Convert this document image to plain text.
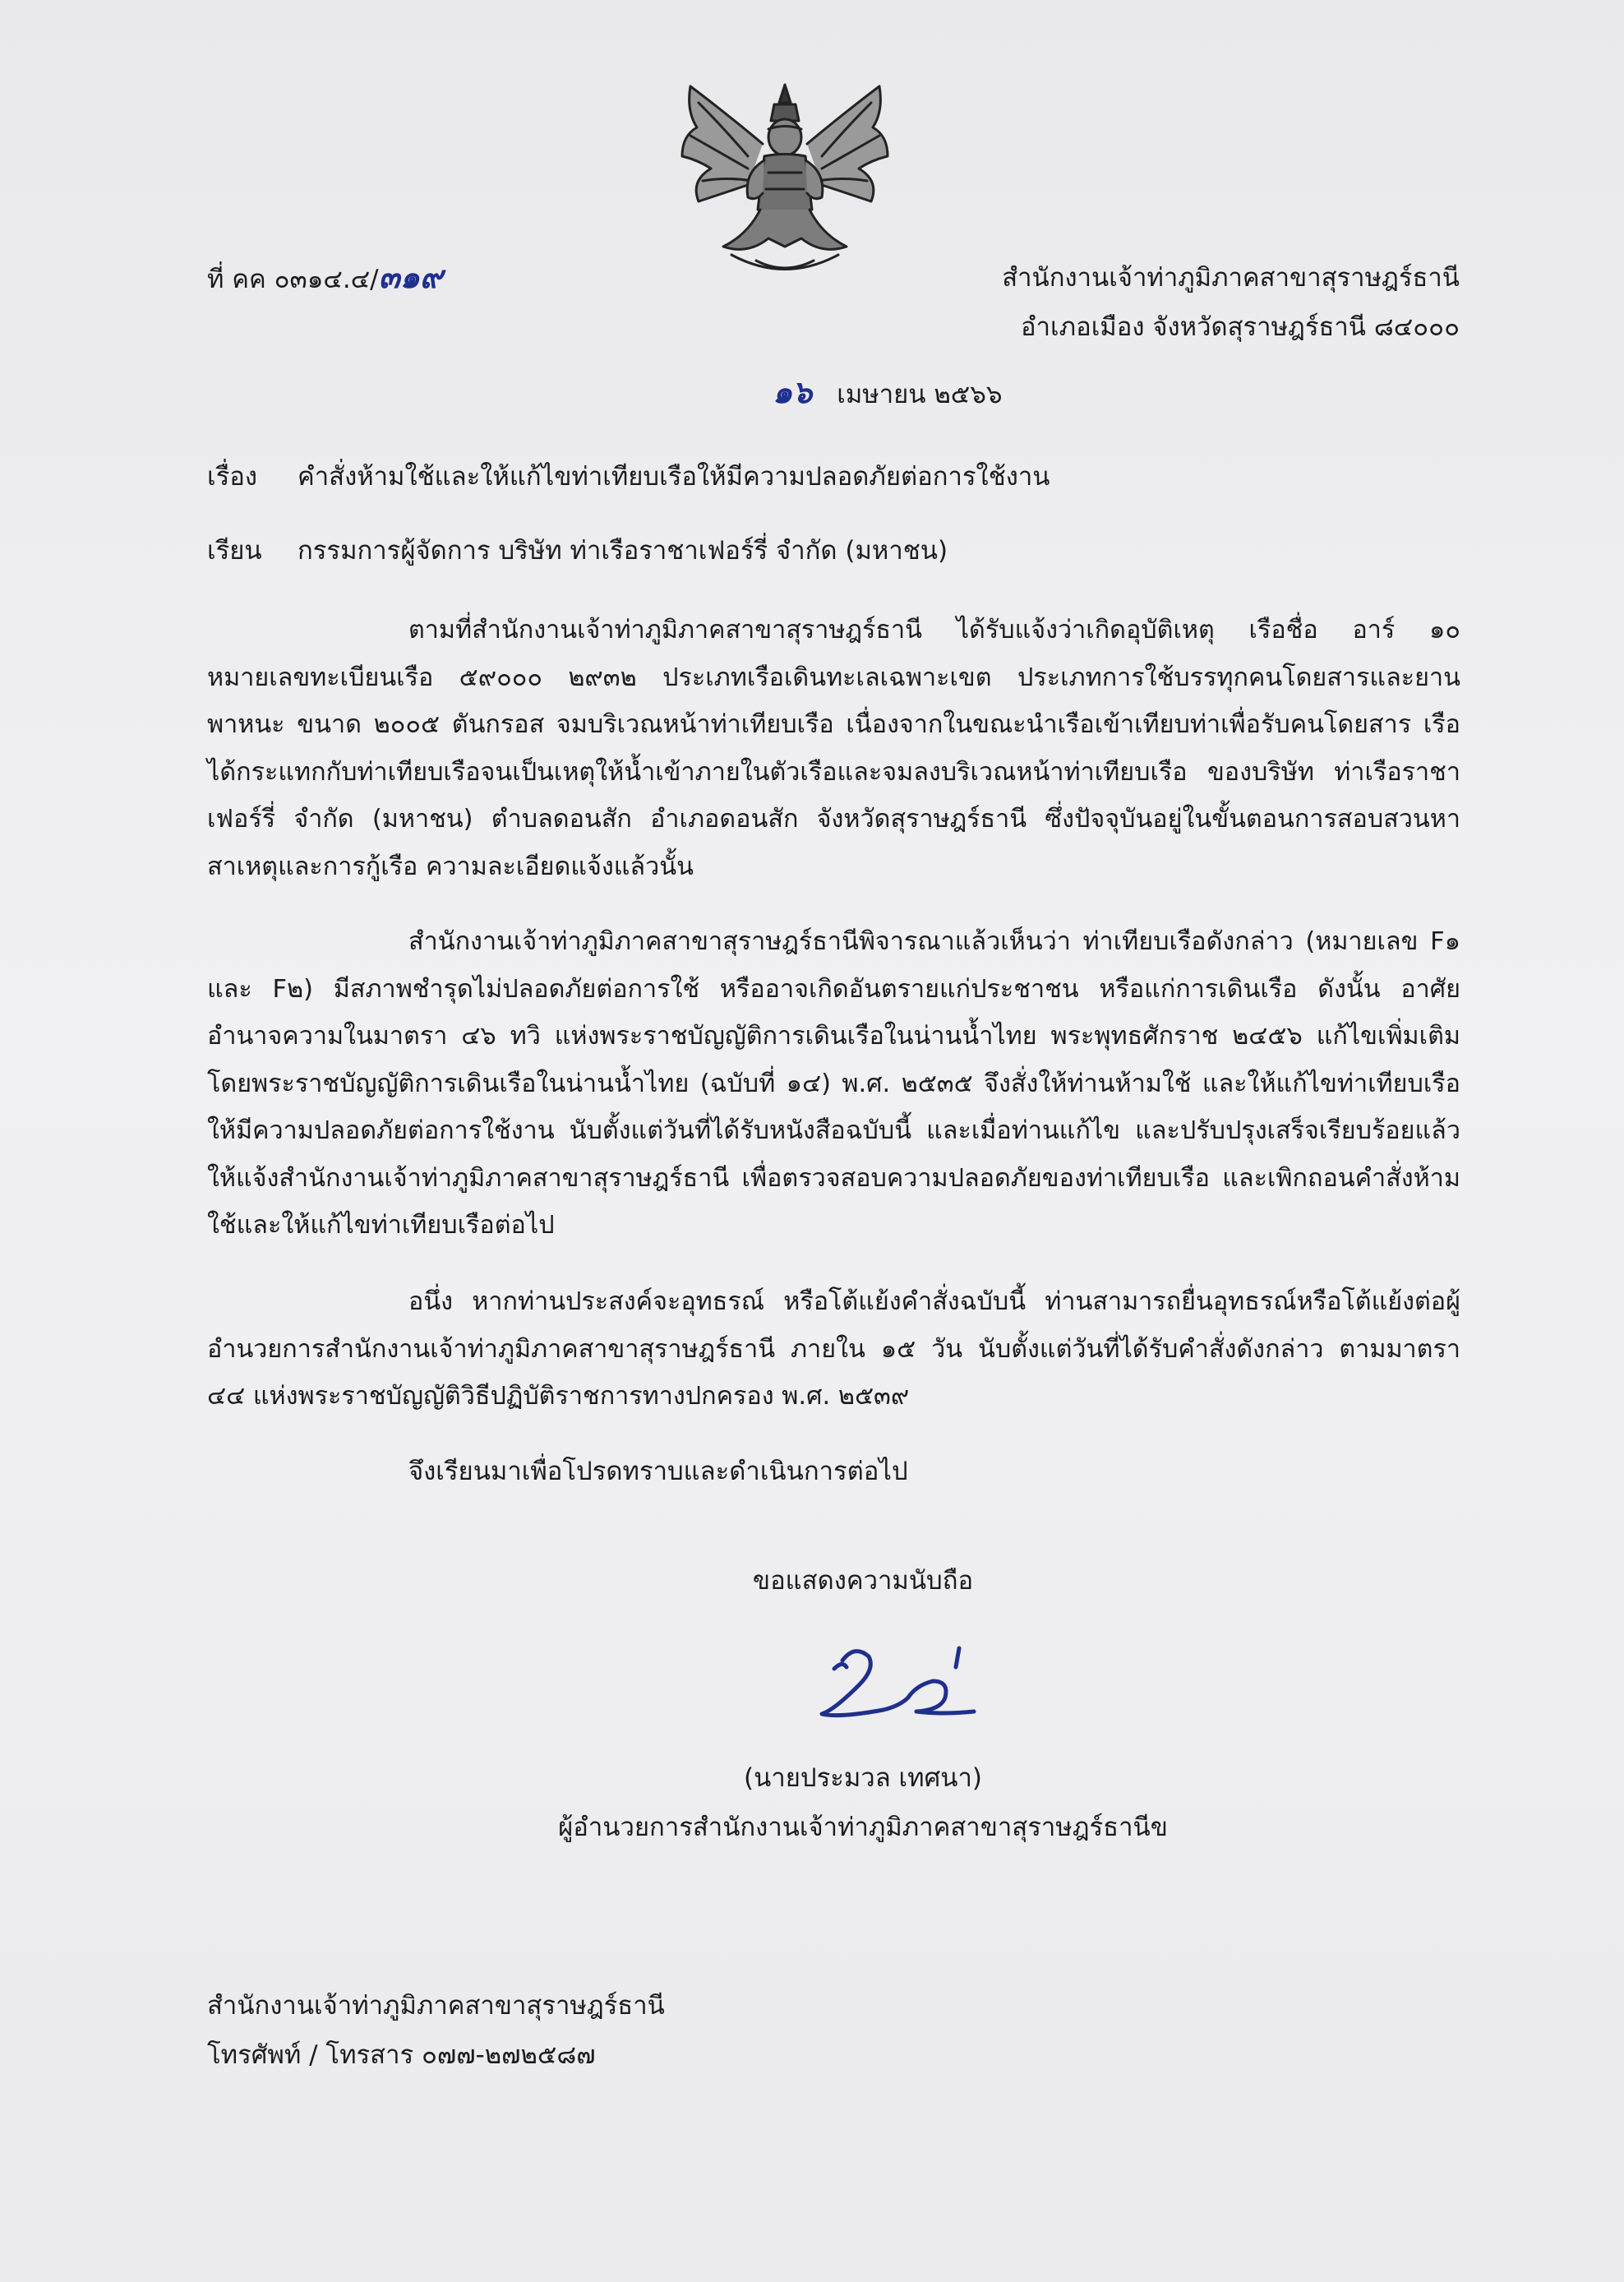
ที่ คค ๐๓๑๔.๔/๓๑๙	สำนักงานเจ้าท่าภูมิภาคสาขาสุราษฎร์ธานี
อำเภอเมือง จังหวัดสุราษฎร์ธานี ๘๔๐๐๐

๑๖ เมษายน ๒๕๖๖

เรื่อง คำสั่งห้ามใช้และให้แก้ไขท่าเทียบเรือให้มีความปลอดภัยต่อการใช้งาน

เรียน กรรมการผู้จัดการ บริษัท ท่าเรือราชาเฟอร์รี่ จำกัด (มหาชน)

ตามที่สำนักงานเจ้าท่าภูมิภาคสาขาสุราษฎร์ธานี ได้รับแจ้งว่าเกิดอุบัติเหตุ เรือชื่อ อาร์ ๑๐ หมายเลขทะเบียนเรือ ๕๙๐๐๐ ๒๙๓๒ ประเภทเรือเดินทะเลเฉพาะเขต ประเภทการใช้บรรทุกคนโดยสารและยานพาหนะ ขนาด ๒๐๐๕ ตันกรอส จมบริเวณหน้าท่าเทียบเรือ เนื่องจากในขณะนำเรือเข้าเทียบท่าเพื่อรับคนโดยสาร เรือได้กระแทกกับท่าเทียบเรือจนเป็นเหตุให้น้ำเข้าภายในตัวเรือและจมลงบริเวณหน้าท่าเทียบเรือ ของบริษัท ท่าเรือราชาเฟอร์รี่ จำกัด (มหาชน) ตำบลดอนสัก อำเภอดอนสัก จังหวัดสุราษฎร์ธานี ซึ่งปัจจุบันอยู่ในขั้นตอนการสอบสวนหาสาเหตุและการกู้เรือ ความละเอียดแจ้งแล้วนั้น

สำนักงานเจ้าท่าภูมิภาคสาขาสุราษฎร์ธานีพิจารณาแล้วเห็นว่า ท่าเทียบเรือดังกล่าว (หมายเลข F๑ และ F๒) มีสภาพชำรุดไม่ปลอดภัยต่อการใช้ หรืออาจเกิดอันตรายแก่ประชาชน หรือแก่การเดินเรือ ดังนั้น อาศัยอำนาจความในมาตรา ๔๖ ทวิ แห่งพระราชบัญญัติการเดินเรือในน่านน้ำไทย พระพุทธศักราช ๒๔๕๖ แก้ไขเพิ่มเติมโดยพระราชบัญญัติการเดินเรือในน่านน้ำไทย (ฉบับที่ ๑๔) พ.ศ. ๒๕๓๕ จึงสั่งให้ท่านห้ามใช้ และให้แก้ไขท่าเทียบเรือให้มีความปลอดภัยต่อการใช้งาน นับตั้งแต่วันที่ได้รับหนังสือฉบับนี้ และเมื่อท่านแก้ไข และปรับปรุงเสร็จเรียบร้อยแล้ว ให้แจ้งสำนักงานเจ้าท่าภูมิภาคสาขาสุราษฎร์ธานี เพื่อตรวจสอบความปลอดภัยของท่าเทียบเรือ และเพิกถอนคำสั่งห้ามใช้และให้แก้ไขท่าเทียบเรือต่อไป

อนึ่ง หากท่านประสงค์จะอุทธรณ์ หรือโต้แย้งคำสั่งฉบับนี้ ท่านสามารถยื่นอุทธรณ์หรือโต้แย้งต่อผู้อำนวยการสำนักงานเจ้าท่าภูมิภาคสาขาสุราษฎร์ธานี ภายใน ๑๕ วัน นับตั้งแต่วันที่ได้รับคำสั่งดังกล่าว ตามมาตรา ๔๔ แห่งพระราชบัญญัติวิธีปฏิบัติราชการทางปกครอง พ.ศ. ๒๕๓๙

จึงเรียนมาเพื่อโปรดทราบและดำเนินการต่อไป

ขอแสดงความนับถือ

(นายประมวล เทศนา)

ผู้อำนวยการสำนักงานเจ้าท่าภูมิภาคสาขาสุราษฎร์ธานีข

สำนักงานเจ้าท่าภูมิภาคสาขาสุราษฎร์ธานี
โทรศัพท์ / โทรสาร ๐๗๗-๒๗๒๕๘๗
